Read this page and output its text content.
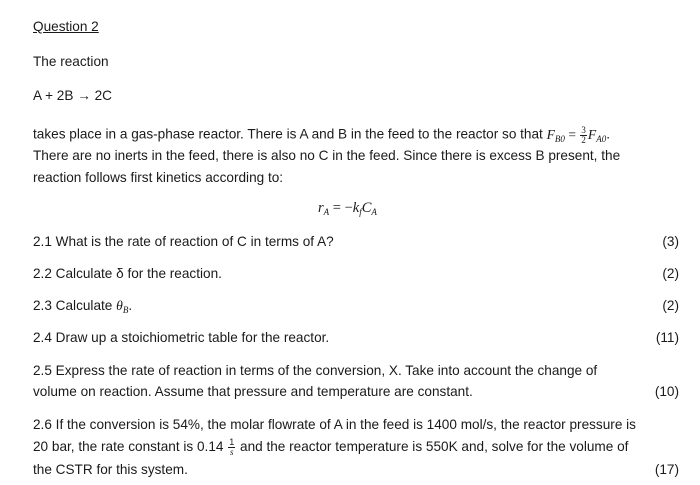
Question 2
The reaction
A + 2B → 2C
takes place in a gas-phase reactor. There is A and B in the feed to the reactor so that $F_{B0} = \frac{3}{2} F_{A0}$.
There are no inerts in the feed, there is also no C in the feed. Since there is excess B present, the
reaction follows first kinetics according to:
$r_A = -k_fC_A$
2.1 What is the rate of reaction of C in terms of A?	(3)
2.2 Calculate δ for the reaction.	(2)
2.3 Calculate $\theta_B$.	(2)
2.4 Draw up a stoichiometric table for the reactor.	(11)
2.5 Express the rate of reaction in terms of the conversion, X. Take into account the change of
volume on reaction. Assume that pressure and temperature are constant.	(10)
2.6 If the conversion is 54%, the molar flowrate of A in the feed is 1400 mol/s, the reactor pressure is
20 bar, the rate constant is $0.14 \frac{1}{s}$ and the reactor temperature is 550K and, solve for the volume of
the CSTR for this system.	(17)
